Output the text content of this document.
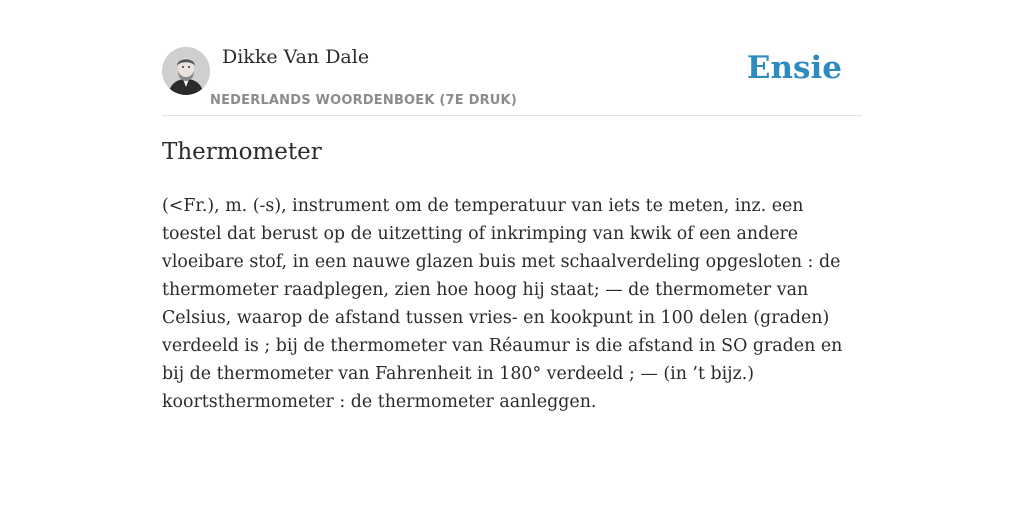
Dikke Van Dale
NEDERLANDS WOORDENBOEK (7E DRUK)
Ensie
Thermometer

(<Fr.), m. (-s), instrument om de temperatuur van iets te meten, inz. een toestel dat berust op de uitzetting of inkrimping van kwik of een andere vloeibare stof, in een nauwe glazen buis met schaalverdeling opgesloten : de thermometer raadplegen, zien hoe hoog hij staat; — de thermometer van Celsius, waarop de afstand tussen vries- en kookpunt in 100 delen (graden) verdeeld is ; bij de thermometer van Réaumur is die afstand in SO graden en bij de thermometer van Fahrenheit in 180° verdeeld ; — (in ’t bijz.) koortsthermometer : de thermometer aanleggen.
